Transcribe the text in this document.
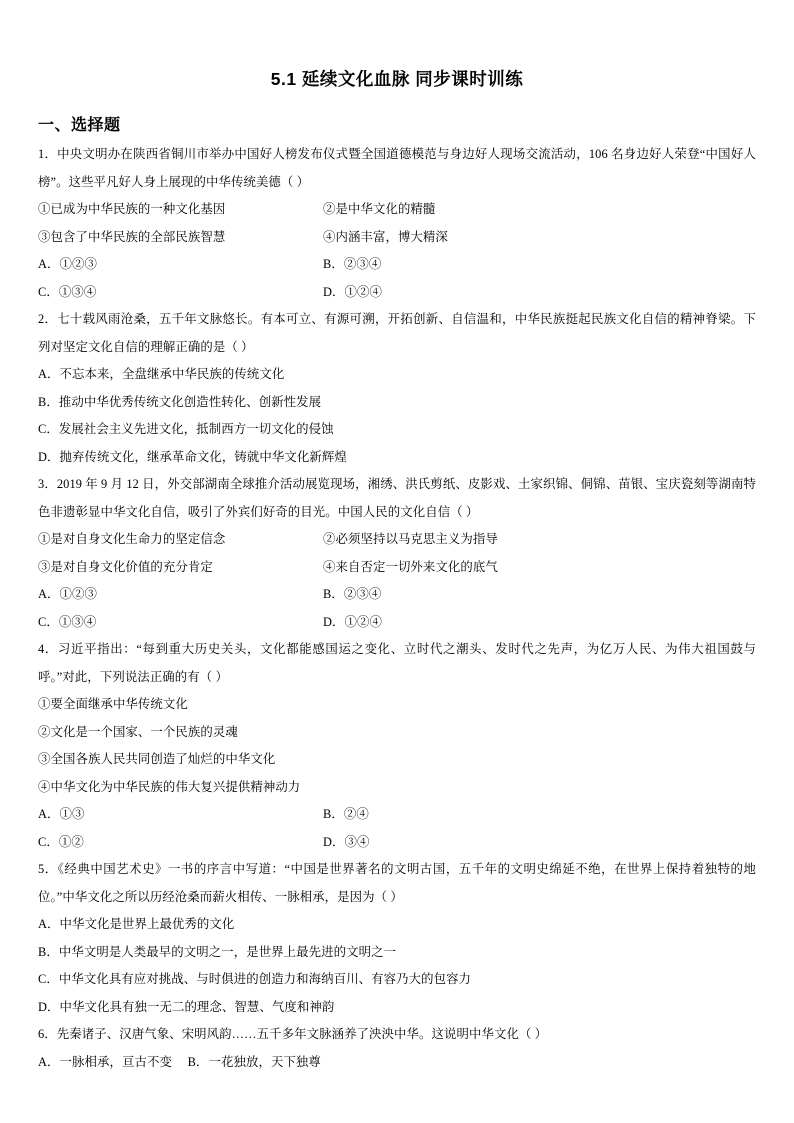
5.1 延续文化血脉 同步课时训练
一、选择题

1．中央文明办在陕西省铜川市举办中国好人榜发布仪式暨全国道德模范与身边好人现场交流活动，106 名身边好人荣登“中国好人榜”。这些平凡好人身上展现的中华传统美德（ ）

①已成为中华民族的一种文化基因	②是中华文化的精髓
③包含了中华民族的全部民族智慧	④内涵丰富，博大精深
A．①②③	B．②③④
C．①③④	D．①②④

2．七十载风雨沧桑，五千年文脉悠长。有本可立、有源可溯，开拓创新、自信温和，中华民族挺起民族文化自信的精神脊梁。下列对坚定文化自信的理解正确的是（ ）

A．不忘本来，全盘继承中华民族的传统文化

B．推动中华优秀传统文化创造性转化、创新性发展

C．发展社会主义先进文化，抵制西方一切文化的侵蚀

D．抛弃传统文化，继承革命文化，铸就中华文化新辉煌

3．2019 年 9 月 12 日，外交部湖南全球推介活动展览现场，湘绣、洪氏剪纸、皮影戏、土家织锦、侗锦、苗银、宝庆瓷刻等湖南特色非遗彰显中华文化自信，吸引了外宾们好奇的目光。中国人民的文化自信（ ）

①是对自身文化生命力的坚定信念	②必须坚持以马克思主义为指导
③是对自身文化价值的充分肯定	④来自否定一切外来文化的底气
A．①②③	B．②③④
C．①③④	D．①②④

4．习近平指出：“每到重大历史关头，文化都能感国运之变化、立时代之潮头、发时代之先声，为亿万人民、为伟大祖国鼓与呼。”对此，下列说法正确的有（ ）

①要全面继承中华传统文化

②文化是一个国家、一个民族的灵魂

③全国各族人民共同创造了灿烂的中华文化

④中华文化为中华民族的伟大复兴提供精神动力

A．①③	B．②④
C．①②	D．③④

5．《经典中国艺术史》一书的序言中写道：“中国是世界著名的文明古国，五千年的文明史绵延不绝，在世界上保持着独特的地位。”中华文化之所以历经沧桑而薪火相传、一脉相承，是因为（ ）

A．中华文化是世界上最优秀的文化

B．中华文明是人类最早的文明之一，是世界上最先进的文明之一

C．中华文化具有应对挑战、与时俱进的创造力和海纳百川、有容乃大的包容力

D．中华文化具有独一无二的理念、智慧、气度和神韵

6．先秦诸子、汉唐气象、宋明风韵……五千多年文脉涵养了泱泱中华。这说明中华文化（ ）

A．一脉相承，亘古不变　 B．一花独放，天下独尊
